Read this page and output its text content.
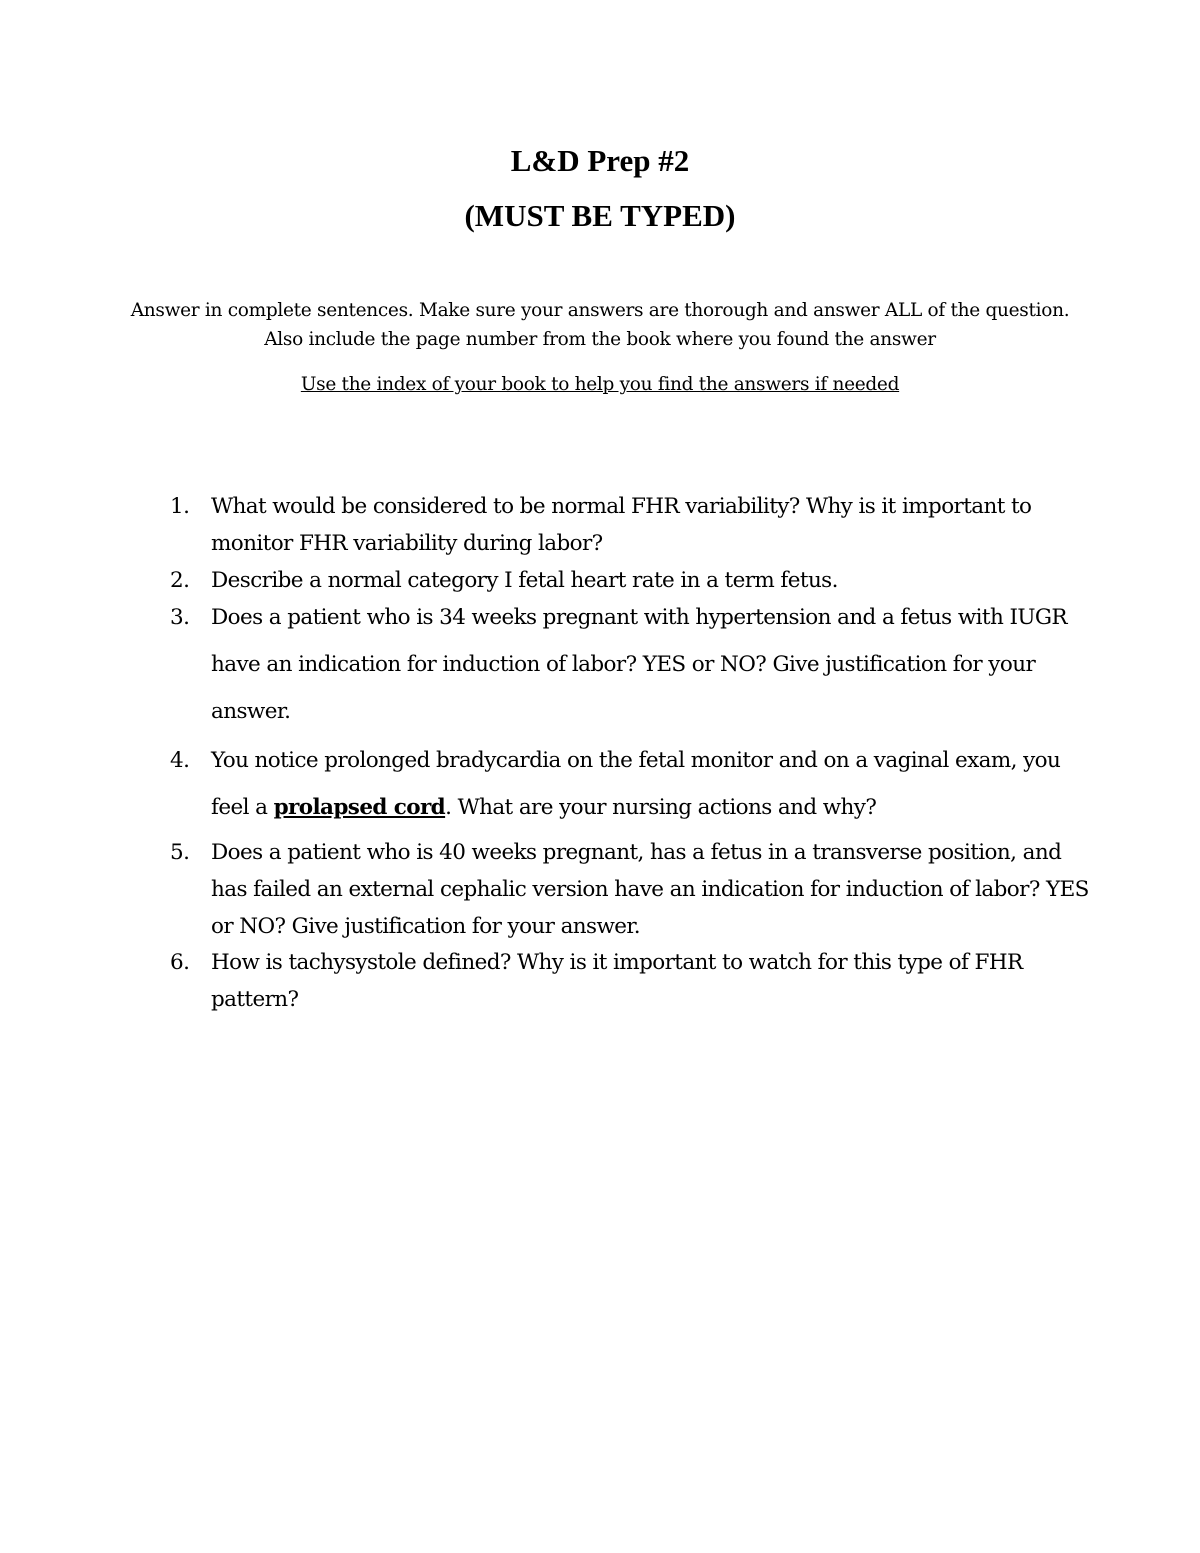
L&D Prep #2
(MUST BE TYPED)
Answer in complete sentences. Make sure your answers are thorough and answer ALL of the question. Also include the page number from the book where you found the answer
Use the index of your book to help you find the answers if needed
1.	What would be considered to be normal FHR variability? Why is it important to monitor FHR variability during labor?
2.	Describe a normal category I fetal heart rate in a term fetus.
3.	Does a patient who is 34 weeks pregnant with hypertension and a fetus with IUGR have an indication for induction of labor? YES or NO? Give justification for your answer.
4.	You notice prolonged bradycardia on the fetal monitor and on a vaginal exam, you feel a prolapsed cord. What are your nursing actions and why?
5.	Does a patient who is 40 weeks pregnant, has a fetus in a transverse position, and has failed an external cephalic version have an indication for induction of labor? YES or NO? Give justification for your answer.
6.	How is tachysystole defined? Why is it important to watch for this type of FHR pattern?
